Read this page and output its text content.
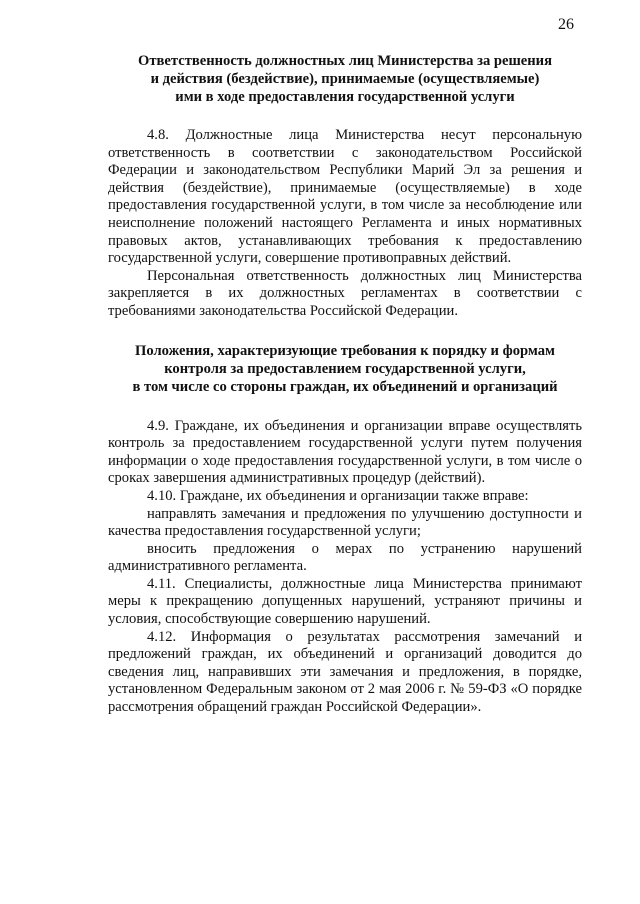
26
Ответственность должностных лиц Министерства за решения
и действия (бездействие), принимаемые (осуществляемые)
ими в ходе предоставления государственной услуги

4.8. Должностные лица Министерства несут персональную ответственность в соответствии с законодательством Российской Федерации и законодательством Республики Марий Эл за решения и действия (бездействие), принимаемые (осуществляемые) в ходе предоставления государственной услуги, в том числе за несоблюдение или неисполнение положений настоящего Регламента и иных нормативных правовых актов, устанавливающих требования к предоставлению государственной услуги, совершение противоправных действий.

Персональная ответственность должностных лиц Министерства закрепляется в их должностных регламентах в соответствии с требованиями законодательства Российской Федерации.

Положения, характеризующие требования к порядку и формам
контроля за предоставлением государственной услуги,
в том числе со стороны граждан, их объединений и организаций

4.9. Граждане, их объединения и организации вправе осуществлять контроль за предоставлением государственной услуги путем получения информации о ходе предоставления государственной услуги, в том числе о сроках завершения административных процедур (действий).

4.10. Граждане, их объединения и организации также вправе:

направлять замечания и предложения по улучшению доступности и качества предоставления государственной услуги;

вносить предложения о мерах по устранению нарушений административного регламента.

4.11. Специалисты, должностные лица Министерства принимают меры к прекращению допущенных нарушений, устраняют причины и условия, способствующие совершению нарушений.

4.12. Информация о результатах рассмотрения замечаний и предложений граждан, их объединений и организаций доводится до сведения лиц, направивших эти замечания и предложения, в порядке, установленном Федеральным законом от 2 мая 2006 г. № 59-ФЗ «О порядке рассмотрения обращений граждан Российской Федерации».
